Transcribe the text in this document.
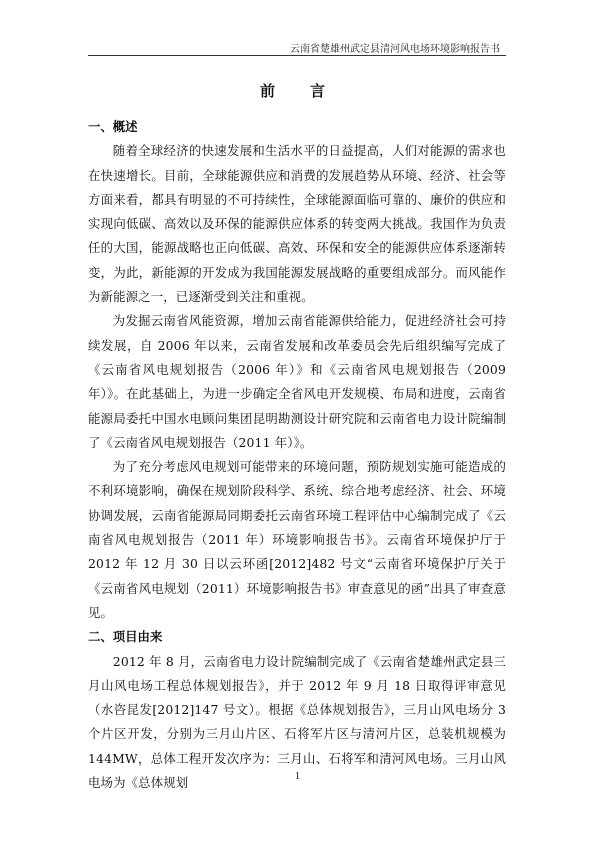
云南省楚雄州武定县清河风电场环境影响报告书
前　言

一、概述

随着全球经济的快速发展和生活水平的日益提高，人们对能源的需求也在快速增长。目前，全球能源供应和消费的发展趋势从环境、经济、社会等方面来看，都具有明显的不可持续性，全球能源面临可靠的、廉价的供应和实现向低碳、高效以及环保的能源供应体系的转变两大挑战。我国作为负责任的大国，能源战略也正向低碳、高效、环保和安全的能源供应体系逐渐转变，为此，新能源的开发成为我国能源发展战略的重要组成部分。而风能作为新能源之一，已逐渐受到关注和重视。

为发掘云南省风能资源，增加云南省能源供给能力，促进经济社会可持续发展，自 2006 年以来，云南省发展和改革委员会先后组织编写完成了《云南省风电规划报告（2006 年）》和《云南省风电规划报告（2009 年）》。在此基础上，为进一步确定全省风电开发规模、布局和进度，云南省能源局委托中国水电顾问集团昆明勘测设计研究院和云南省电力设计院编制了《云南省风电规划报告（2011 年）》。

为了充分考虑风电规划可能带来的环境问题，预防规划实施可能造成的不利环境影响，确保在规划阶段科学、系统、综合地考虑经济、社会、环境协调发展，云南省能源局同期委托云南省环境工程评估中心编制完成了《云南省风电规划报告（2011 年）环境影响报告书》。云南省环境保护厅于 2012 年 12 月 30 日以云环函[2012]482 号文“云南省环境保护厅关于《云南省风电规划（2011）环境影响报告书》审查意见的函”出具了审查意见。

二、项目由来

2012 年 8 月，云南省电力设计院编制完成了《云南省楚雄州武定县三月山风电场工程总体规划报告》，并于 2012 年 9 月 18 日取得评审意见（水咨昆发[2012]147 号文）。根据《总体规划报告》，三月山风电场分 3 个片区开发，分别为三月山片区、石将军片区与清河片区，总装机规模为 144MW，总体工程开发次序为：三月山、石将军和清河风电场。三月山风电场为《总体规划	1
